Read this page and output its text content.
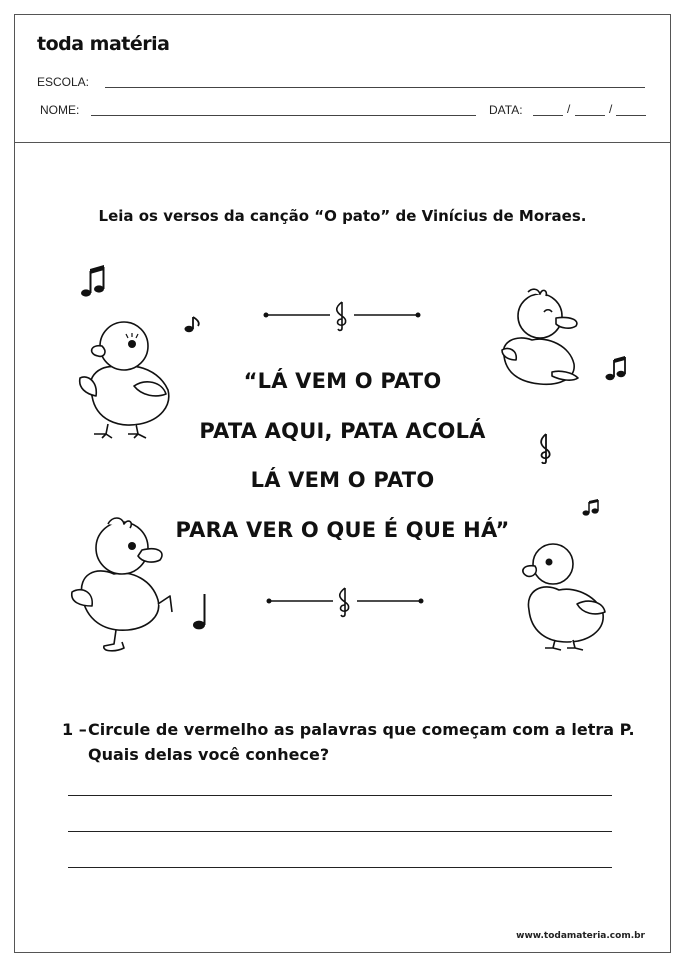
toda matéria
ESCOLA:
NOME:	DATA:	/	/
Leia os versos da canção “O pato” de Vinícius de Moraes.
“LÁ VEM O PATO
PATA AQUI, PATA ACOLÁ
LÁ VEM O PATO
PARA VER O QUE É QUE HÁ”
1 –Circule de vermelho as palavras que começam com a letra P.
Quais delas você conhece?
www.todamateria.com.br
